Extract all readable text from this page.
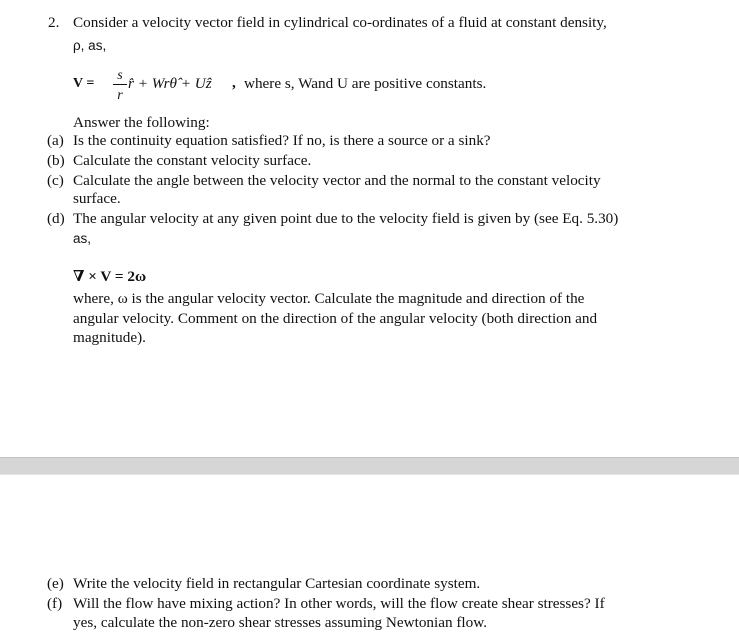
2. Consider a velocity vector field in cylindrical co-ordinates of a fluid at constant density,
ρ, as,
V =
s
r
r̂ + Wrθ̂ + Uẑ , where s, Wand U are positive constants.
Answer the following:
(a) Is the continuity equation satisfied? If no, is there a source or a sink?
(b) Calculate the constant velocity surface.
(c) Calculate the angle between the velocity vector and the normal to the constant velocity
surface.
(d) The angular velocity at any given point due to the velocity field is given by (see Eq. 5.30)
as,
∇ × V = 2ω
where, ω is the angular velocity vector. Calculate the magnitude and direction of the
angular velocity. Comment on the direction of the angular velocity (both direction and
magnitude).
(e) Write the velocity field in rectangular Cartesian coordinate system.
(f) Will the flow have mixing action? In other words, will the flow create shear stresses? If
yes, calculate the non-zero shear stresses assuming Newtonian flow.
